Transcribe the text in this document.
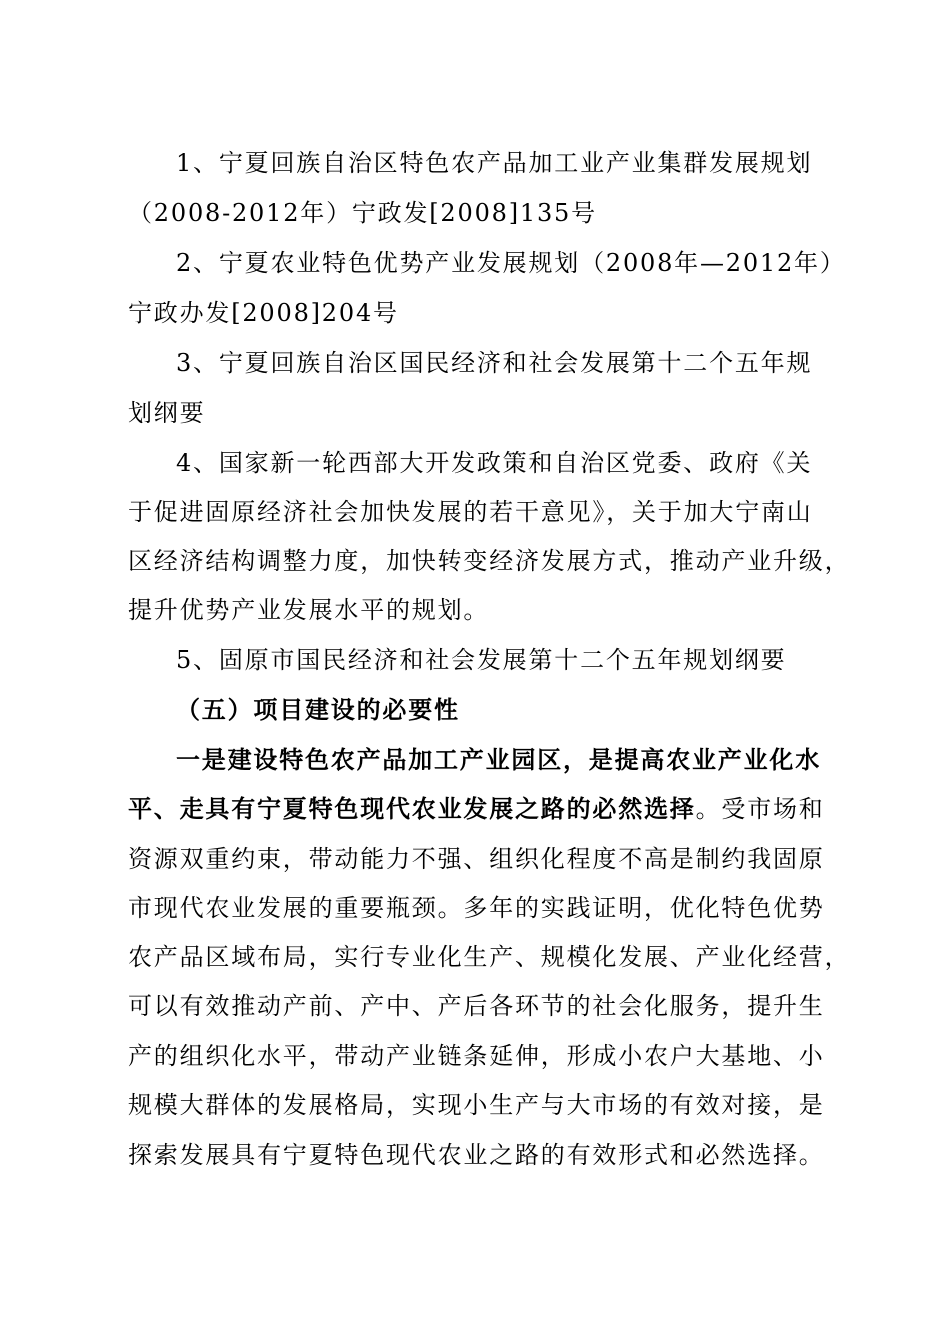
1、宁夏回族自治区特色农产品加工业产业集群发展规划
（2008-2012年）宁政发[2008]135号
2、宁夏农业特色优势产业发展规划（2008年—2012年）
宁政办发[2008]204号
3、宁夏回族自治区国民经济和社会发展第十二个五年规
划纲要
4、国家新一轮西部大开发政策和自治区党委、政府《关
于促进固原经济社会加快发展的若干意见》，关于加大宁南山
区经济结构调整力度，加快转变经济发展方式，推动产业升级，
提升优势产业发展水平的规划。
5、固原市国民经济和社会发展第十二个五年规划纲要
（五）项目建设的必要性
一是建设特色农产品加工产业园区，是提高农业产业化水
平、走具有宁夏特色现代农业发展之路的必然选择。受市场和
资源双重约束，带动能力不强、组织化程度不高是制约我固原
市现代农业发展的重要瓶颈。多年的实践证明，优化特色优势
农产品区域布局，实行专业化生产、规模化发展、产业化经营，
可以有效推动产前、产中、产后各环节的社会化服务，提升生
产的组织化水平，带动产业链条延伸，形成小农户大基地、小
规模大群体的发展格局，实现小生产与大市场的有效对接，是
探索发展具有宁夏特色现代农业之路的有效形式和必然选择。
